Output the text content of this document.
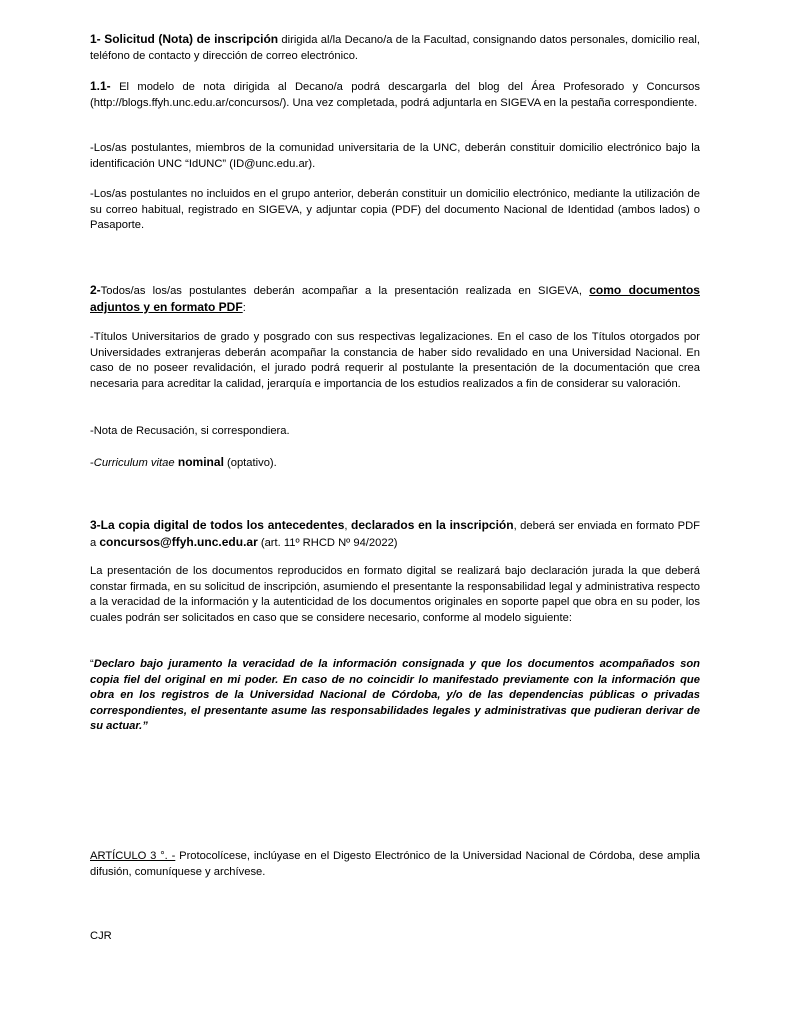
1- Solicitud (Nota) de inscripción dirigida al/la Decano/a de la Facultad, consignando datos personales, domicilio real, teléfono de contacto y dirección de correo electrónico.

1.1- El modelo de nota dirigida al Decano/a podrá descargarla del blog del Área Profesorado y Concursos (http://blogs.ffyh.unc.edu.ar/concursos/). Una vez completada, podrá adjuntarla en SIGEVA en la pestaña correspondiente.

-Los/as postulantes, miembros de la comunidad universitaria de la UNC, deberán constituir domicilio electrónico bajo la identificación UNC “IdUNC” (ID@unc.edu.ar).

-Los/as postulantes no incluidos en el grupo anterior, deberán constituir un domicilio electrónico, mediante la utilización de su correo habitual, registrado en SIGEVA, y adjuntar copia (PDF) del documento Nacional de Identidad (ambos lados) o Pasaporte.

2-Todos/as los/as postulantes deberán acompañar a la presentación realizada en SIGEVA, como documentos adjuntos y en formato PDF:

-Títulos Universitarios de grado y posgrado con sus respectivas legalizaciones. En el caso de los Títulos otorgados por Universidades extranjeras deberán acompañar la constancia de haber sido revalidado en una Universidad Nacional. En caso de no poseer revalidación, el jurado podrá requerir al postulante la presentación de la documentación que crea necesaria para acreditar la calidad, jerarquía e importancia de los estudios realizados a fin de considerar su valoración.

-Nota de Recusación, si correspondiera.

-Curriculum vitae nominal (optativo).

3-La copia digital de todos los antecedentes, declarados en la inscripción, deberá ser enviada en formato PDF a concursos@ffyh.unc.edu.ar (art. 11º RHCD Nº 94/2022)

La presentación de los documentos reproducidos en formato digital se realizará bajo declaración jurada la que deberá constar firmada, en su solicitud de inscripción, asumiendo el presentante la responsabilidad legal y administrativa respecto a la veracidad de la información y la autenticidad de los documentos originales en soporte papel que obra en su poder, los cuales podrán ser solicitados en caso que se considere necesario, conforme al modelo siguiente:

“Declaro bajo juramento la veracidad de la información consignada y que los documentos acompañados son copia fiel del original en mi poder. En caso de no coincidir lo manifestado previamente con la información que obra en los registros de la Universidad Nacional de Córdoba, y/o de las dependencias públicas o privadas correspondientes, el presentante asume las responsabilidades legales y administrativas que pudieran derivar de su actuar.”

ARTÍCULO 3 °. - Protocolícese, inclúyase en el Digesto Electrónico de la Universidad Nacional de Córdoba, dese amplia difusión, comuníquese y archívese.

CJR
